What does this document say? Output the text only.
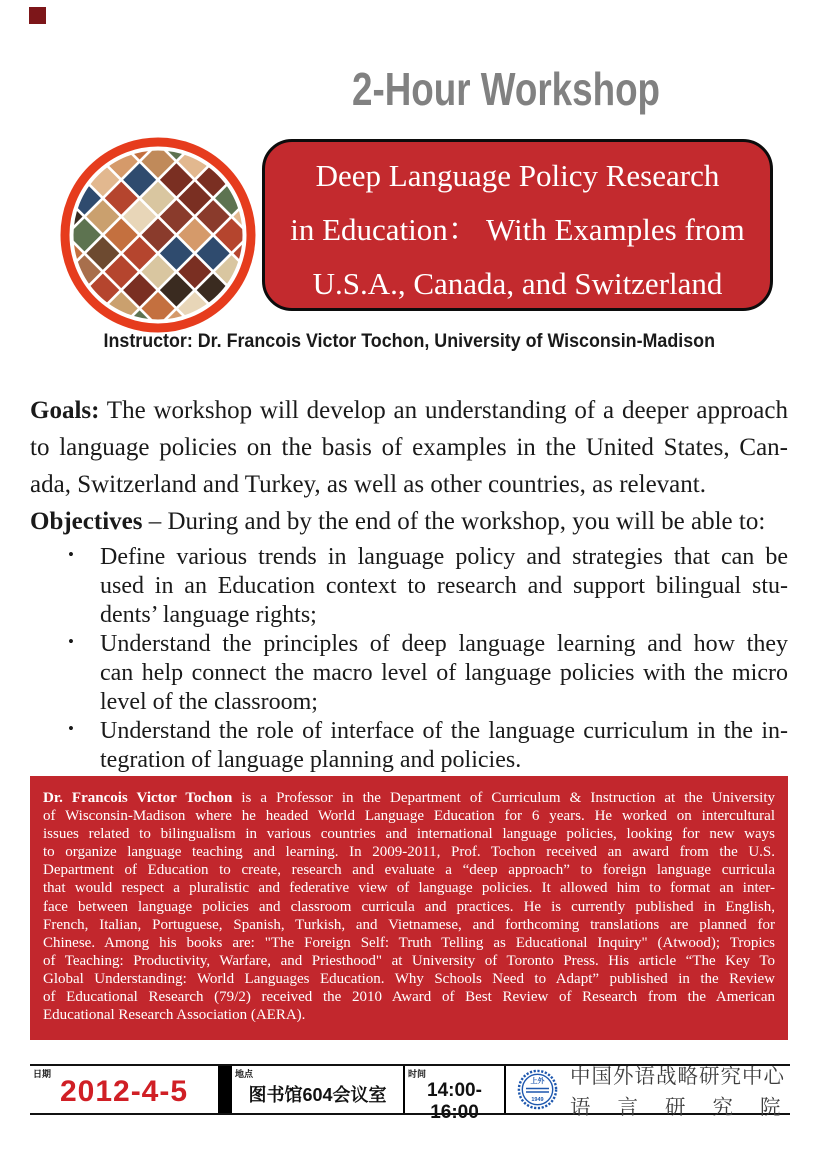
2-Hour Workshop
Deep Language Policy Research
in Education： With Examples from
U.S.A., Canada, and Switzerland
Instructor: Dr. Francois Victor Tochon, University of Wisconsin-Madison
Goals: The workshop will develop an understanding of a deeper approach
to language policies on the basis of examples in the United States, Can-
ada, Switzerland and Turkey, as well as other countries, as relevant.
Objectives – During and by the end of the workshop, you will be able to:
• Define various trends in language policy and strategies that can be
used in an Education context to research and support bilingual stu-
dents’ language rights;
• Understand the principles of deep language learning and how they
can help connect the macro level of language policies with the micro
level of the classroom;
• Understand the role of interface of the language curriculum in the in-
tegration of language planning and policies.
Dr. Francois Victor Tochon is a Professor in the Department of Curriculum & Instruction at the University
of Wisconsin-Madison where he headed World Language Education for 6 years. He worked on intercultural
issues related to bilingualism in various countries and international language policies, looking for new ways
to organize language teaching and learning. In 2009-2011, Prof. Tochon received an award from the U.S.
Department of Education to create, research and evaluate a “deep approach” to foreign language curricula
that would respect a pluralistic and federative view of language policies. It allowed him to format an inter-
face between language policies and classroom curricula and practices. He is currently published in English,
French, Italian, Portuguese, Spanish, Turkish, and Vietnamese, and forthcoming translations are planned for
Chinese. Among his books are: "The Foreign Self: Truth Telling as Educational Inquiry" (Atwood); Tropics
of Teaching: Productivity, Warfare, and Priesthood" at University of Toronto Press. His article “The Key To
Global Understanding: World Languages Education. Why Schools Need to Adapt” published in the Review
of Educational Research (79/2) received the 2010 Award of Best Review of Research from the American
Educational Research Association (AERA).
日期
2012-4-5
地点
图书馆604会议室
时间
14:00-16:00
上外
1949
中国外语战略研究中心
语言研究院
